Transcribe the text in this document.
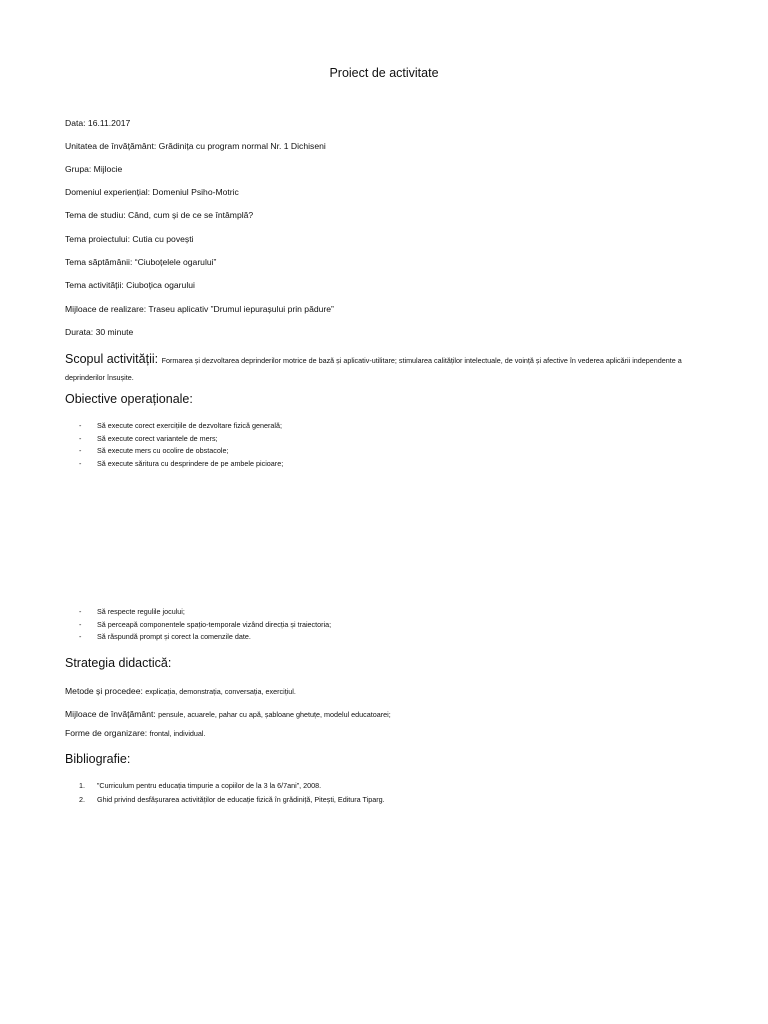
Proiect de activitate
Data: 16.11.2017
Unitatea de învățământ: Grădinița cu program normal Nr. 1 Dichiseni
Grupa: Mijlocie
Domeniul experiențial: Domeniul Psiho-Motric
Tema de studiu: Când, cum și de ce se întâmplă?
Tema proiectului: Cutia cu povești
Tema săptămânii: “Ciuboțelele ogarului”
Tema activității: Ciuboțica ogarului
Mijloace de realizare: Traseu aplicativ ”Drumul iepurașului prin pădure”
Durata: 30 minute
Scopul activității: Formarea și dezvoltarea deprinderilor motrice de bază și aplicativ-utilitare; stimularea calităților intelectuale, de voință și afective în vederea aplicării independente a deprinderilor însușite.
Obiective operaționale:
- Să execute corect exercițiile de dezvoltare fizică generală;
- Să execute corect variantele de mers;
- Să execute mers cu ocolire de obstacole;
- Să execute săritura cu desprindere de pe ambele picioare;
- Să respecte regulile jocului;
- Să perceapă componentele spațio-temporale vizând direcția și traiectoria;
- Să răspundă prompt și corect la comenzile date.
Strategia didactică:
Metode și procedee: explicația, demonstrația, conversația, exercițiul.
Mijloace de învățământ: pensule, acuarele, pahar cu apă, șabloane ghetuțe, modelul educatoarei;
Forme de organizare: frontal, individual.
Bibliografie:
1. ”Curriculum pentru educația timpurie a copiilor de la 3 la 6/7ani”, 2008.
2. Ghid privind desfășurarea activităților de educație fizică în grădiniță, Pitești, Editura Tiparg.
